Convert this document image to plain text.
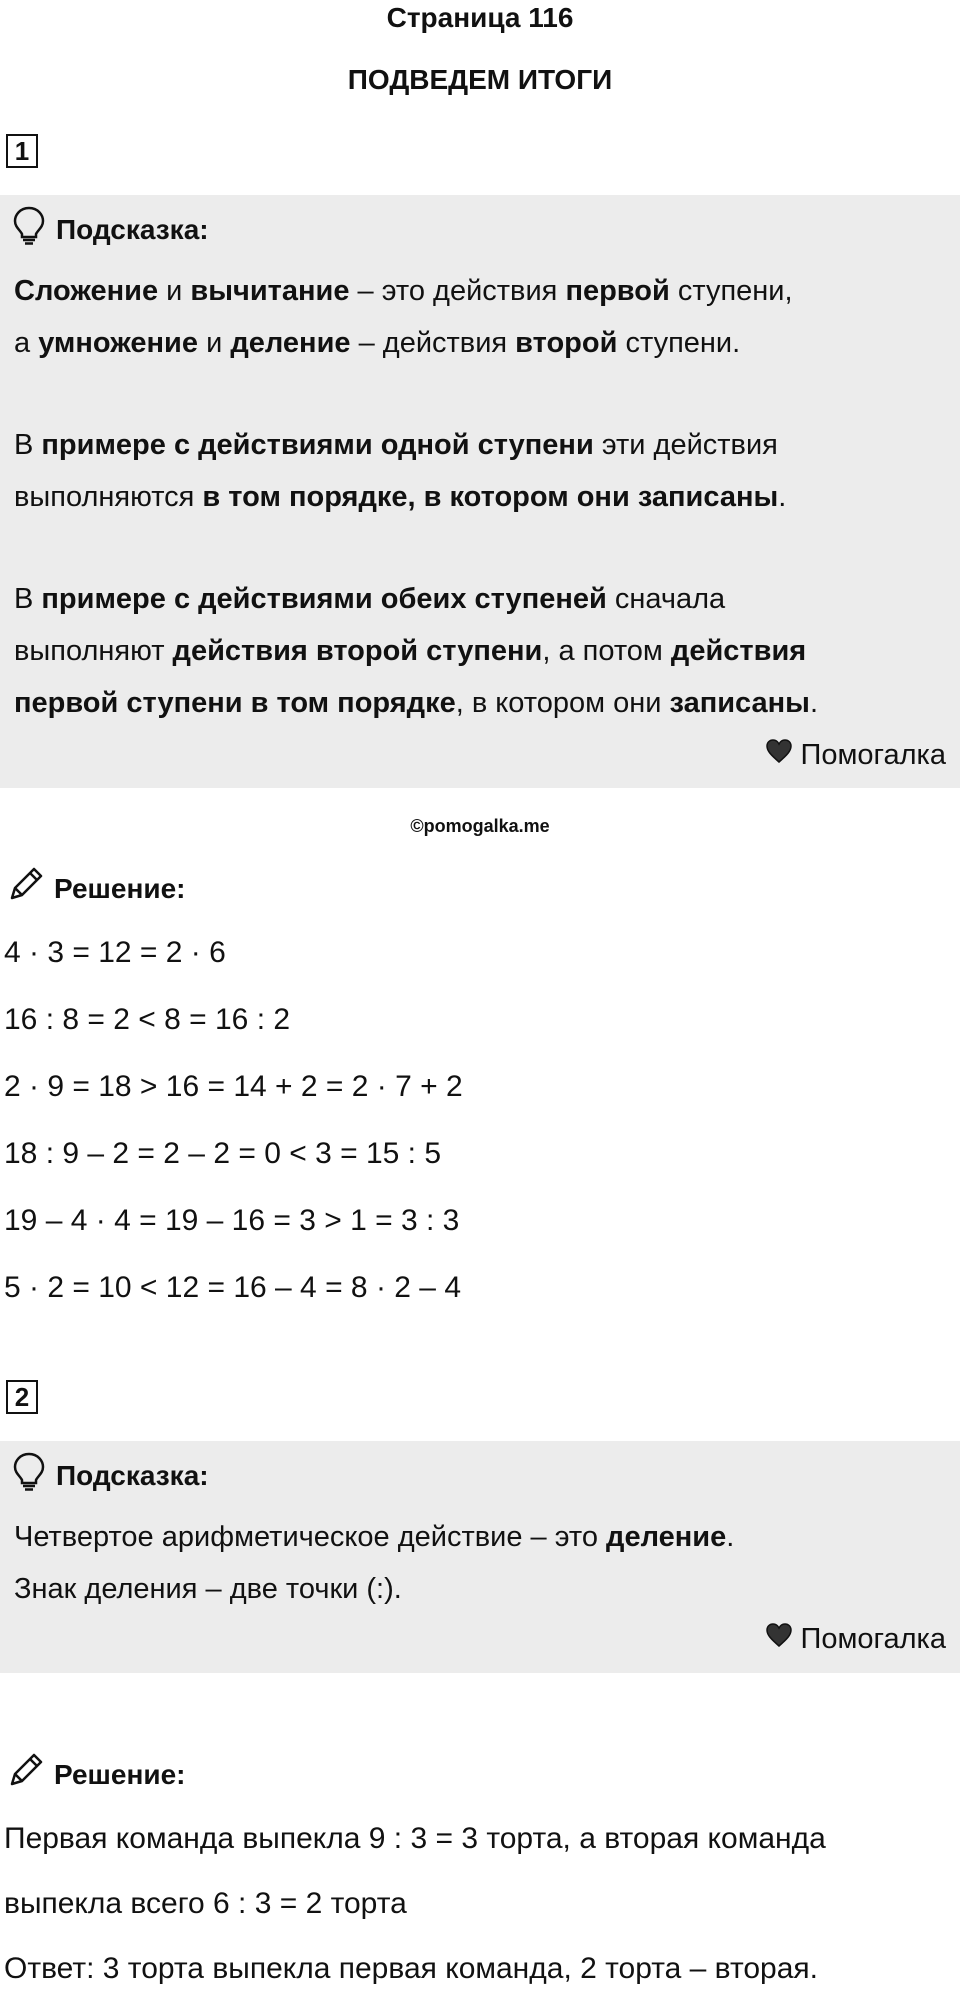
Страница 116
ПОДВЕДЕМ ИТОГИ
1
Подсказка:
Сложение и вычитание – это действия первой ступени,
а умножение и деление – действия второй ступени.
В примере с действиями одной ступени эти действия
выполняются в том порядке, в котором они записаны.
В примере с действиями обеих ступеней сначала
выполняют действия второй ступени, а потом действия
первой ступени в том порядке, в котором они записаны.
Помогалка
©pomogalka.me
Решение:
4 · 3 = 12 = 2 · 6
16 : 8 = 2 < 8 = 16 : 2
2 · 9 = 18 > 16 = 14 + 2 = 2 · 7 + 2
18 : 9 – 2 = 2 – 2 = 0 < 3 = 15 : 5
19 – 4 · 4 = 19 – 16 = 3 > 1 = 3 : 3
5 · 2 = 10 < 12 = 16 – 4 = 8 · 2 – 4
2
Подсказка:
Четвертое арифметическое действие – это деление.
Знак деления – две точки (:).
Помогалка
Решение:
Первая команда выпекла 9 : 3 = 3 торта, а вторая команда
выпекла всего 6 : 3 = 2 торта
Ответ: 3 торта выпекла первая команда, 2 торта – вторая.
